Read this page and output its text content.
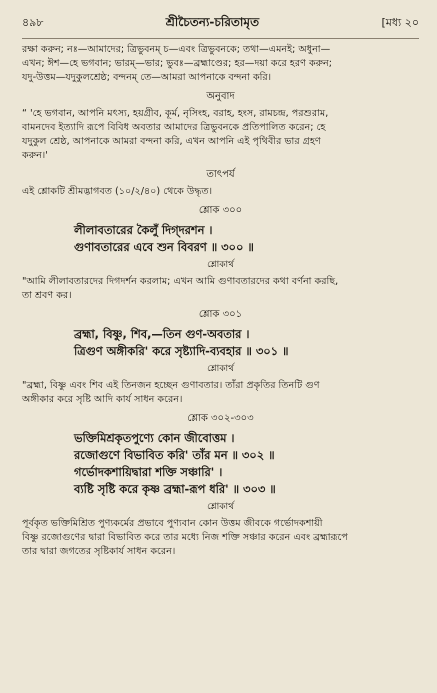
৪৯৮	শ্রীচৈতন্য-চরিতামৃত	[মধ্য ২০

রক্ষা করুন; নঃ—আমাদের; ত্রিভুবনম্ চ—এবং ত্রিভুবনকে; তথা—এমনই; অধুনা—

এখন; ঈশ—হে ভগবান; ভারম্—ভার; ভুবঃ—ব্রহ্মাণ্ডের; হর—দয়া করে হরণ করুন;

যদু-উত্তম—যদুকুলশ্রেষ্ঠ; বন্দনম্ তে—আমরা আপনাকে বন্দনা করি।

অনুবাদ

“ 'হে ভগবান, আপনি মৎস্য, হয়গ্রীব, কূর্ম, নৃসিংহ, বরাহ, হংস, রামচন্দ্র, পরশুরাম,

বামনদেব ইত্যাদি রূপে বিবিধ অবতার আমাদের ত্রিভুবনকে প্রতিপালিত করেন; হে

যদুকুল শ্রেষ্ঠ, আপনাকে আমরা বন্দনা করি, এখন আপনি এই পৃথিবীর ভার গ্রহণ

করুন।'

তাৎপর্য

এই শ্লোকটি শ্রীমদ্ভাগবত (১০/২/৪০) থেকে উদ্ধৃত।

শ্লোক ৩০০

লীলাবতারের কৈলুঁ দিগ্‌দরশন ।

গুণাবতারের এবে শুন বিবরণ ॥ ৩০০ ॥

শ্লোকার্থ

"আমি লীলাবতারদের দিগদর্শন করলাম; এখন আমি গুণাবতারদের কথা বর্ণনা করছি,

তা শ্রবণ কর।

শ্লোক ৩০১

ব্রহ্মা, বিষ্ণু, শিব,—তিন গুণ-অবতার ।

ত্রিগুণ অঙ্গীকরি' করে সৃষ্ট্যাদি-ব্যবহার ॥ ৩০১ ॥

শ্লোকার্থ

"ব্রহ্মা, বিষ্ণু এবং শিব এই তিনজন হচ্ছেন গুণাবতার। তাঁরা প্রকৃতির তিনটি গুণ

অঙ্গীকার করে সৃষ্টি আদি কার্য সাধন করেন।

শ্লোক ৩০২-৩০৩

ভক্তিমিশ্রকৃতপুণ্যে কোন জীবোত্তম ।

রজোগুণে বিভাবিত করি' তাঁর মন ॥ ৩০২ ॥

গর্ভোদকশায়িদ্বারা শক্তি সঞ্চারি' ।

ব্যষ্টি সৃষ্টি করে কৃষ্ণ ব্রহ্মা-রূপ ধরি' ॥ ৩০৩ ॥

শ্লোকার্থ

পূর্বকৃত ভক্তিমিশ্রিত পুণ্যকর্মের প্রভাবে পুণ্যবান কোন উত্তম জীবকে গর্ভোদকশায়ী

বিষ্ণু রজোগুণের দ্বারা বিভাবিত করে তার মধ্যে নিজ শক্তি সঞ্চার করেন এবং ব্রহ্মারূপে

তার দ্বারা জগতের সৃষ্টিকার্য সাধন করেন।
